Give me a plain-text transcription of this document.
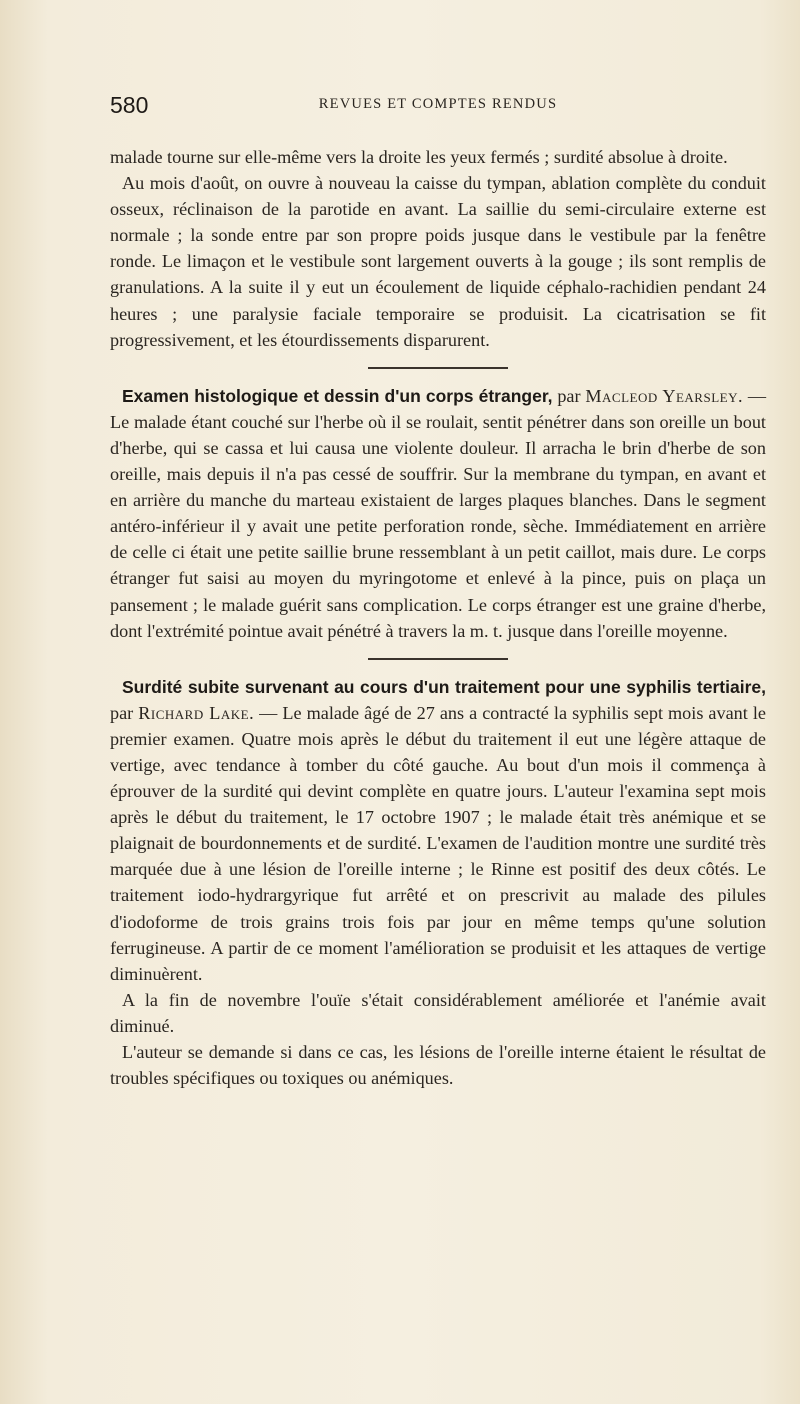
580	REVUES ET COMPTES RENDUS

malade tourne sur elle-même vers la droite les yeux fermés ; surdité absolue à droite.

Au mois d'août, on ouvre à nouveau la caisse du tympan, ablation complète du conduit osseux, réclinaison de la parotide en avant. La saillie du semi-circulaire externe est normale ; la sonde entre par son propre poids jusque dans le vestibule par la fenêtre ronde. Le limaçon et le vestibule sont largement ouverts à la gouge ; ils sont remplis de granulations. A la suite il y eut un écoulement de liquide céphalo-rachidien pendant 24 heures ; une paralysie faciale temporaire se produisit. La cicatrisation se fit progressivement, et les étourdissements disparurent.

Examen histologique et dessin d'un corps étranger, par Macleod Yearsley. — Le malade étant couché sur l'herbe où il se roulait, sentit pénétrer dans son oreille un bout d'herbe, qui se cassa et lui causa une violente douleur. Il arracha le brin d'herbe de son oreille, mais depuis il n'a pas cessé de souffrir. Sur la membrane du tympan, en avant et en arrière du manche du marteau existaient de larges plaques blanches. Dans le segment antéro-inférieur il y avait une petite perforation ronde, sèche. Immédiatement en arrière de celle ci était une petite saillie brune ressemblant à un petit caillot, mais dure. Le corps étranger fut saisi au moyen du myringotome et enlevé à la pince, puis on plaça un pansement ; le malade guérit sans complication. Le corps étranger est une graine d'herbe, dont l'extrémité pointue avait pénétré à travers la m. t. jusque dans l'oreille moyenne.

Surdité subite survenant au cours d'un traitement pour une syphilis tertiaire, par Richard Lake. — Le malade âgé de 27 ans a contracté la syphilis sept mois avant le premier examen. Quatre mois après le début du traitement il eut une légère attaque de vertige, avec tendance à tomber du côté gauche. Au bout d'un mois il commença à éprouver de la surdité qui devint complète en quatre jours. L'auteur l'examina sept mois après le début du traitement, le 17 octobre 1907 ; le malade était très anémique et se plaignait de bourdonnements et de surdité. L'examen de l'audition montre une surdité très marquée due à une lésion de l'oreille interne ; le Rinne est positif des deux côtés. Le traitement iodo-hydrargyrique fut arrêté et on prescrivit au malade des pilules d'iodoforme de trois grains trois fois par jour en même temps qu'une solution ferrugineuse. A partir de ce moment l'amélioration se produisit et les attaques de vertige diminuèrent.

A la fin de novembre l'ouïe s'était considérablement améliorée et l'anémie avait diminué.

L'auteur se demande si dans ce cas, les lésions de l'oreille interne étaient le résultat de troubles spécifiques ou toxiques ou anémiques.
